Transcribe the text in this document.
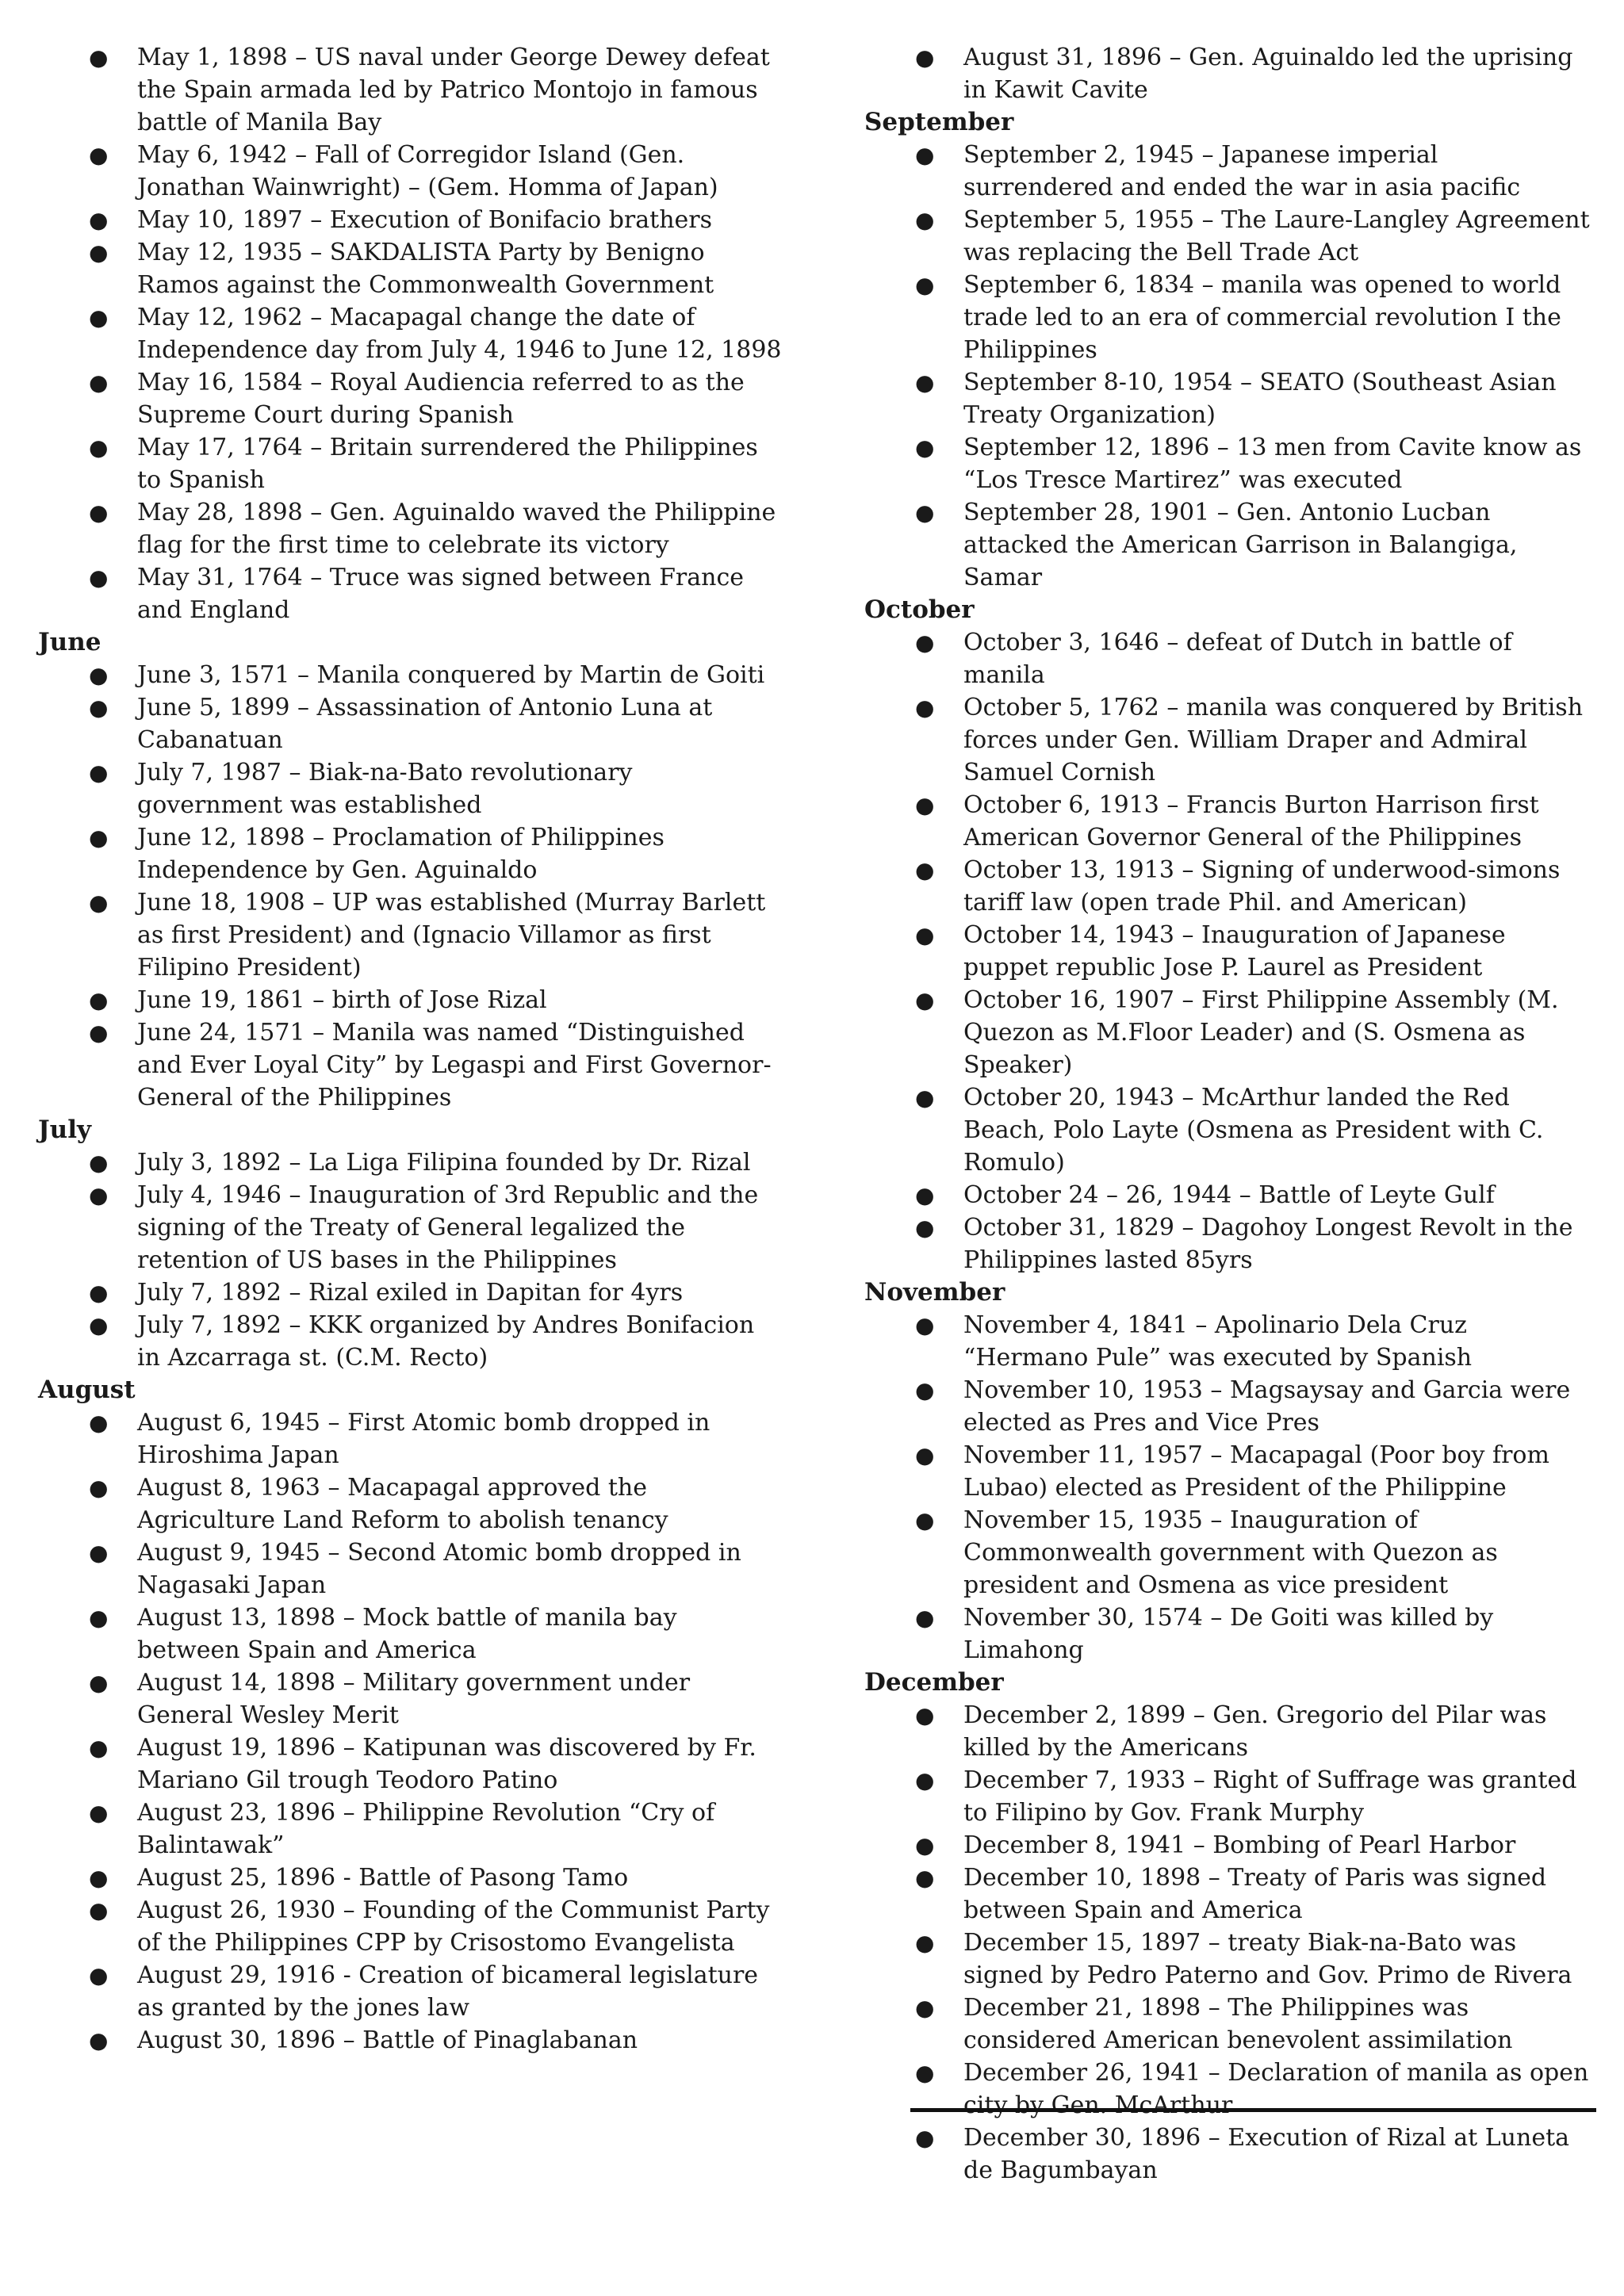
● May 1, 1898 – US naval under George Dewey defeat the Spain armada led by Patrico Montojo in famous battle of Manila Bay
● May 6, 1942 – Fall of Corregidor Island (Gen. Jonathan Wainwright) – (Gem. Homma of Japan)
● May 10, 1897 – Execution of Bonifacio brathers
● May 12, 1935 – SAKDALISTA Party by Benigno Ramos against the Commonwealth Government
● May 12, 1962 – Macapagal change the date of Independence day from July 4, 1946 to June 12, 1898
● May 16, 1584 – Royal Audiencia referred to as the Supreme Court during Spanish
● May 17, 1764 – Britain surrendered the Philippines to Spanish
● May 28, 1898 – Gen. Aguinaldo waved the Philippine flag for the first time to celebrate its victory
● May 31, 1764 – Truce was signed between France and England
June
● June 3, 1571 – Manila conquered by Martin de Goiti
● June 5, 1899 – Assassination of Antonio Luna at Cabanatuan
● July 7, 1987 – Biak-na-Bato revolutionary government was established
● June 12, 1898 – Proclamation of Philippines Independence by Gen. Aguinaldo
● June 18, 1908 – UP was established (Murray Barlett as first President) and (Ignacio Villamor as first Filipino President)
● June 19, 1861 – birth of Jose Rizal
● June 24, 1571 – Manila was named “Distinguished and Ever Loyal City” by Legaspi and First Governor-General of the Philippines
July
● July 3, 1892 – La Liga Filipina founded by Dr. Rizal
● July 4, 1946 – Inauguration of 3rd Republic and the signing of the Treaty of General legalized the retention of US bases in the Philippines
● July 7, 1892 – Rizal exiled in Dapitan for 4yrs
● July 7, 1892 – KKK organized by Andres Bonifacion in Azcarraga st. (C.M. Recto)
August
● August 6, 1945 – First Atomic bomb dropped in Hiroshima Japan
● August 8, 1963 – Macapagal approved the Agriculture Land Reform to abolish tenancy
● August 9, 1945 – Second Atomic bomb dropped in Nagasaki Japan
● August 13, 1898 – Mock battle of manila bay between Spain and America
● August 14, 1898 – Military government under General Wesley Merit
● August 19, 1896 – Katipunan was discovered by Fr. Mariano Gil trough Teodoro Patino
● August 23, 1896 – Philippine Revolution “Cry of Balintawak”
● August 25, 1896 - Battle of Pasong Tamo
● August 26, 1930 – Founding of the Communist Party of the Philippines CPP by Crisostomo Evangelista
● August 29, 1916 - Creation of bicameral legislature as granted by the jones law
● August 30, 1896 – Battle of Pinaglabanan
● August 31, 1896 – Gen. Aguinaldo led the uprising in Kawit Cavite
September
● September 2, 1945 – Japanese imperial surrendered and ended the war in asia pacific
● September 5, 1955 – The Laure-Langley Agreement was replacing the Bell Trade Act
● September 6, 1834 – manila was opened to world trade led to an era of commercial revolution I the Philippines
● September 8-10, 1954 – SEATO (Southeast Asian Treaty Organization)
● September 12, 1896 – 13 men from Cavite know as “Los Tresce Martirez” was executed
● September 28, 1901 – Gen. Antonio Lucban attacked the American Garrison in Balangiga, Samar
October
● October 3, 1646 – defeat of Dutch in battle of manila
● October 5, 1762 – manila was conquered by British forces under Gen. William Draper and Admiral Samuel Cornish
● October 6, 1913 – Francis Burton Harrison first American Governor General of the Philippines
● October 13, 1913 – Signing of underwood-simons tariff law (open trade Phil. and American)
● October 14, 1943 – Inauguration of Japanese puppet republic Jose P. Laurel as President
● October 16, 1907 – First Philippine Assembly (M. Quezon as M.Floor Leader) and (S. Osmena as Speaker)
● October 20, 1943 – McArthur landed the Red Beach, Polo Layte (Osmena as President with C. Romulo)
● October 24 – 26, 1944 – Battle of Leyte Gulf
● October 31, 1829 – Dagohoy Longest Revolt in the Philippines lasted 85yrs
November
● November 4, 1841 – Apolinario Dela Cruz “Hermano Pule” was executed by Spanish
● November 10, 1953 – Magsaysay and Garcia were elected as Pres and Vice Pres
● November 11, 1957 – Macapagal (Poor boy from Lubao) elected as President of the Philippine
● November 15, 1935 – Inauguration of Commonwealth government with Quezon as president and Osmena as vice president
● November 30, 1574 – De Goiti was killed by Limahong
December
● December 2, 1899 – Gen. Gregorio del Pilar was killed by the Americans
● December 7, 1933 – Right of Suffrage was granted to Filipino by Gov. Frank Murphy
● December 8, 1941 – Bombing of Pearl Harbor
● December 10, 1898 – Treaty of Paris was signed between Spain and America
● December 15, 1897 – treaty Biak-na-Bato was signed by Pedro Paterno and Gov. Primo de Rivera
● December 21, 1898 – The Philippines was considered American benevolent assimilation
● December 26, 1941 – Declaration of manila as open city by Gen. McArthur
● December 30, 1896 – Execution of Rizal at Luneta de Bagumbayan
